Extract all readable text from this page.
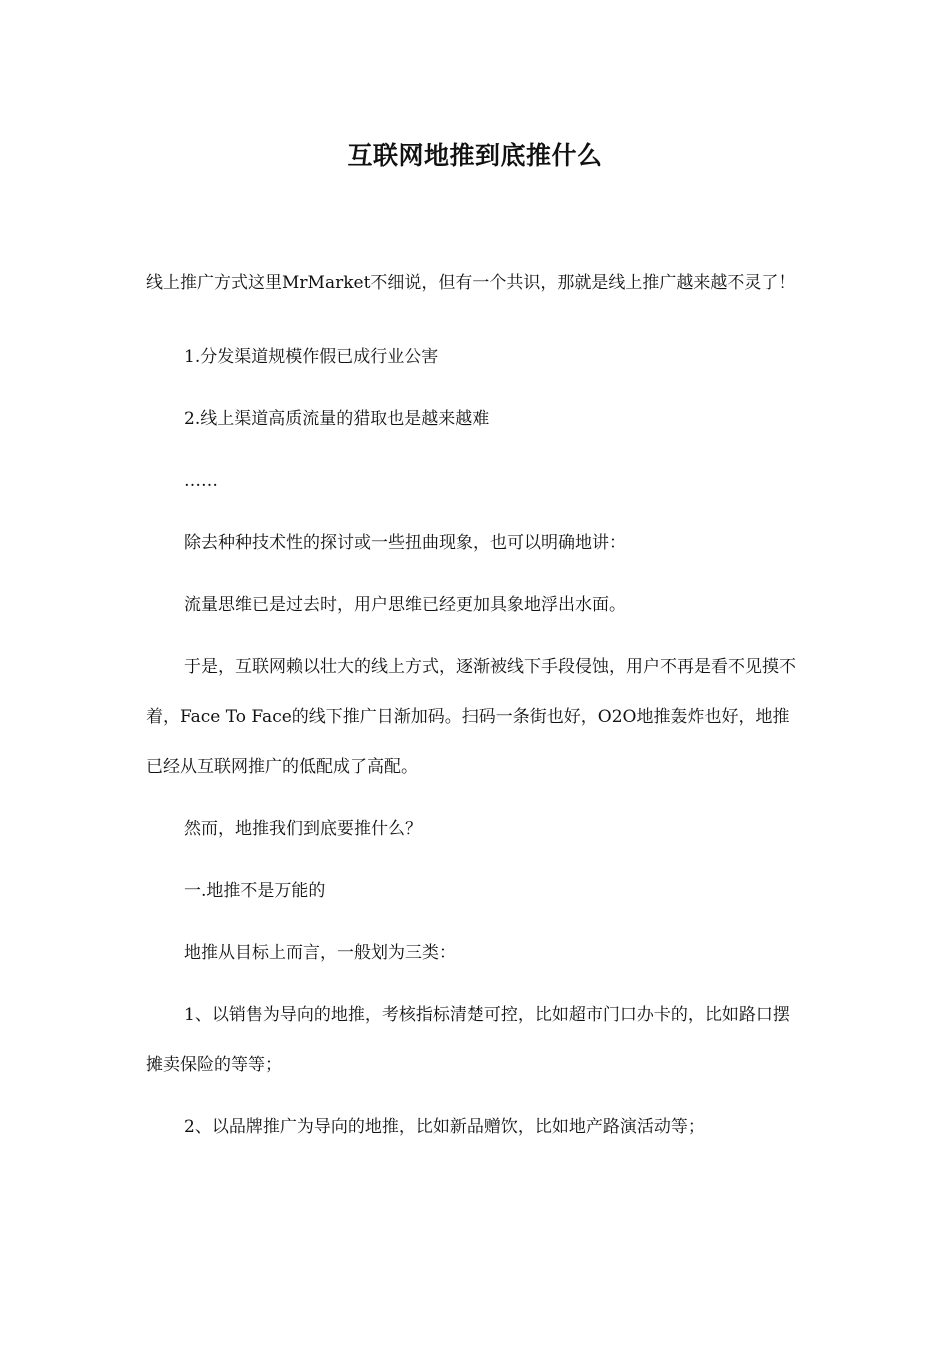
互联网地推到底推什么

线上推广方式这里MrMarket不细说，但有一个共识，那就是线上推广越来越不灵了！

1.分发渠道规模作假已成行业公害

2.线上渠道高质流量的猎取也是越来越难

……

除去种种技术性的探讨或一些扭曲现象，也可以明确地讲：

流量思维已是过去时，用户思维已经更加具象地浮出水面。

于是，互联网赖以壮大的线上方式，逐渐被线下手段侵蚀，用户不再是看不见摸不着，Face To Face的线下推广日渐加码。扫码一条街也好，O2O地推轰炸也好，地推已经从互联网推广的低配成了高配。

然而，地推我们到底要推什么？

一.地推不是万能的

地推从目标上而言，一般划为三类：

1、以销售为导向的地推，考核指标清楚可控，比如超市门口办卡的，比如路口摆摊卖保险的等等；

2、以品牌推广为导向的地推，比如新品赠饮，比如地产路演活动等；
